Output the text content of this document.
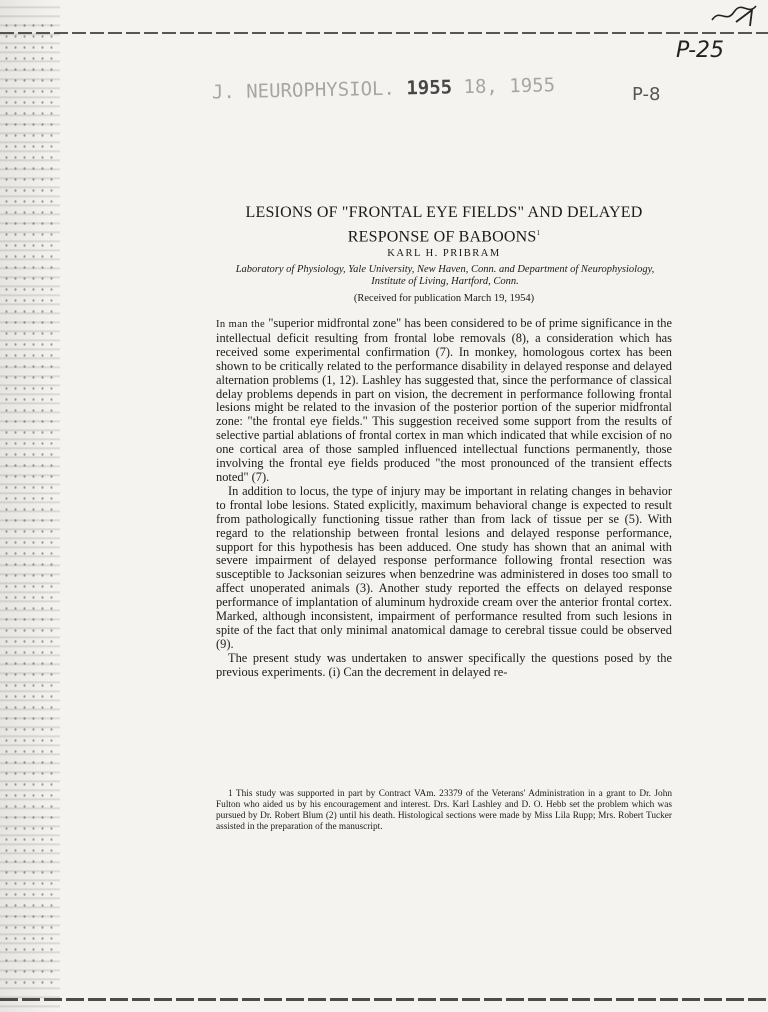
P-25
J. NEUROPHYSIOL. 1955 18, 1955	P-8
LESIONS OF "FRONTAL EYE FIELDS" AND DELAYED RESPONSE OF BABOONS$^1$
KARL H. PRIBRAM
Laboratory of Physiology, Yale University, New Haven, Conn. and Department of Neurophysiology, Institute of Living, Hartford, Conn.
(Received for publication March 19, 1954)

In man the "superior midfrontal zone" has been considered to be of prime significance in the intellectual deficit resulting from frontal lobe removals (8), a consideration which has received some experimental confirmation (7). In monkey, homologous cortex has been shown to be critically related to the performance disability in delayed response and delayed alternation problems (1, 12). Lashley has suggested that, since the performance of classical delay problems depends in part on vision, the decrement in performance following frontal lesions might be related to the invasion of the posterior portion of the superior midfrontal zone: "the frontal eye fields." This suggestion received some support from the results of selective partial ablations of frontal cortex in man which indicated that while excision of no one cortical area of those sampled influenced intellectual functions permanently, those involving the frontal eye fields produced "the most pronounced of the transient effects noted" (7).

In addition to locus, the type of injury may be important in relating changes in behavior to frontal lobe lesions. Stated explicitly, maximum behavioral change is expected to result from pathologically functioning tissue rather than from lack of tissue per se (5). With regard to the relationship between frontal lesions and delayed response performance, support for this hypothesis has been adduced. One study has shown that an animal with severe impairment of delayed response performance following frontal resection was susceptible to Jacksonian seizures when benzedrine was administered in doses too small to affect unoperated animals (3). Another study reported the effects on delayed response performance of implantation of aluminum hydroxide cream over the anterior frontal cortex. Marked, although inconsistent, impairment of performance resulted from such lesions in spite of the fact that only minimal anatomical damage to cerebral tissue could be observed (9).

The present study was undertaken to answer specifically the questions posed by the previous experiments. (i) Can the decrement in delayed re-

1 This study was supported in part by Contract VAm. 23379 of the Veterans' Administration in a grant to Dr. John Fulton who aided us by his encouragement and interest. Drs. Karl Lashley and D. O. Hebb set the problem which was pursued by Dr. Robert Blum (2) until his death. Histological sections were made by Miss Lila Rupp; Mrs. Robert Tucker assisted in the preparation of the manuscript.
